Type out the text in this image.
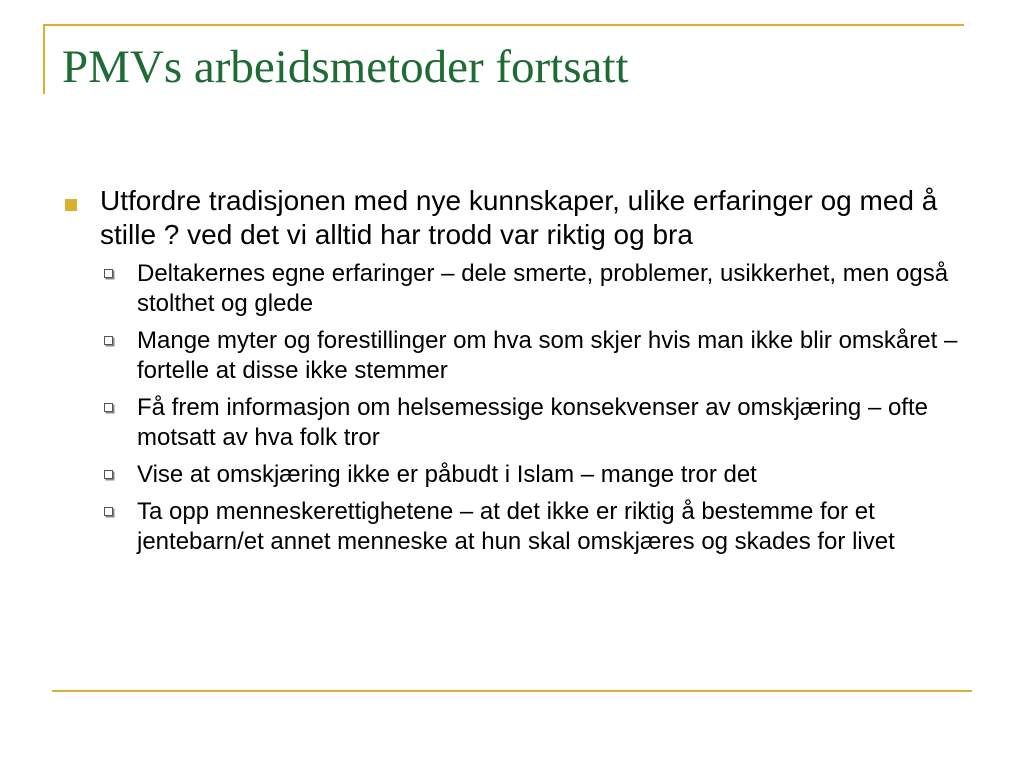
PMVs arbeidsmetoder fortsatt
Utfordre tradisjonen med nye kunnskaper, ulike erfaringer og med å stille ? ved det vi alltid har trodd var riktig og bra
Deltakernes egne erfaringer – dele smerte, problemer, usikkerhet, men også stolthet og glede
Mange myter og forestillinger om hva som skjer hvis man ikke blir omskåret – fortelle at disse ikke stemmer
Få frem informasjon om helsemessige konsekvenser av omskjæring – ofte motsatt av hva folk tror
Vise at omskjæring ikke er påbudt i Islam – mange tror det
Ta opp menneskerettighetene – at det ikke er riktig å bestemme for et jentebarn/et annet menneske at hun skal omskjæres og skades for livet
